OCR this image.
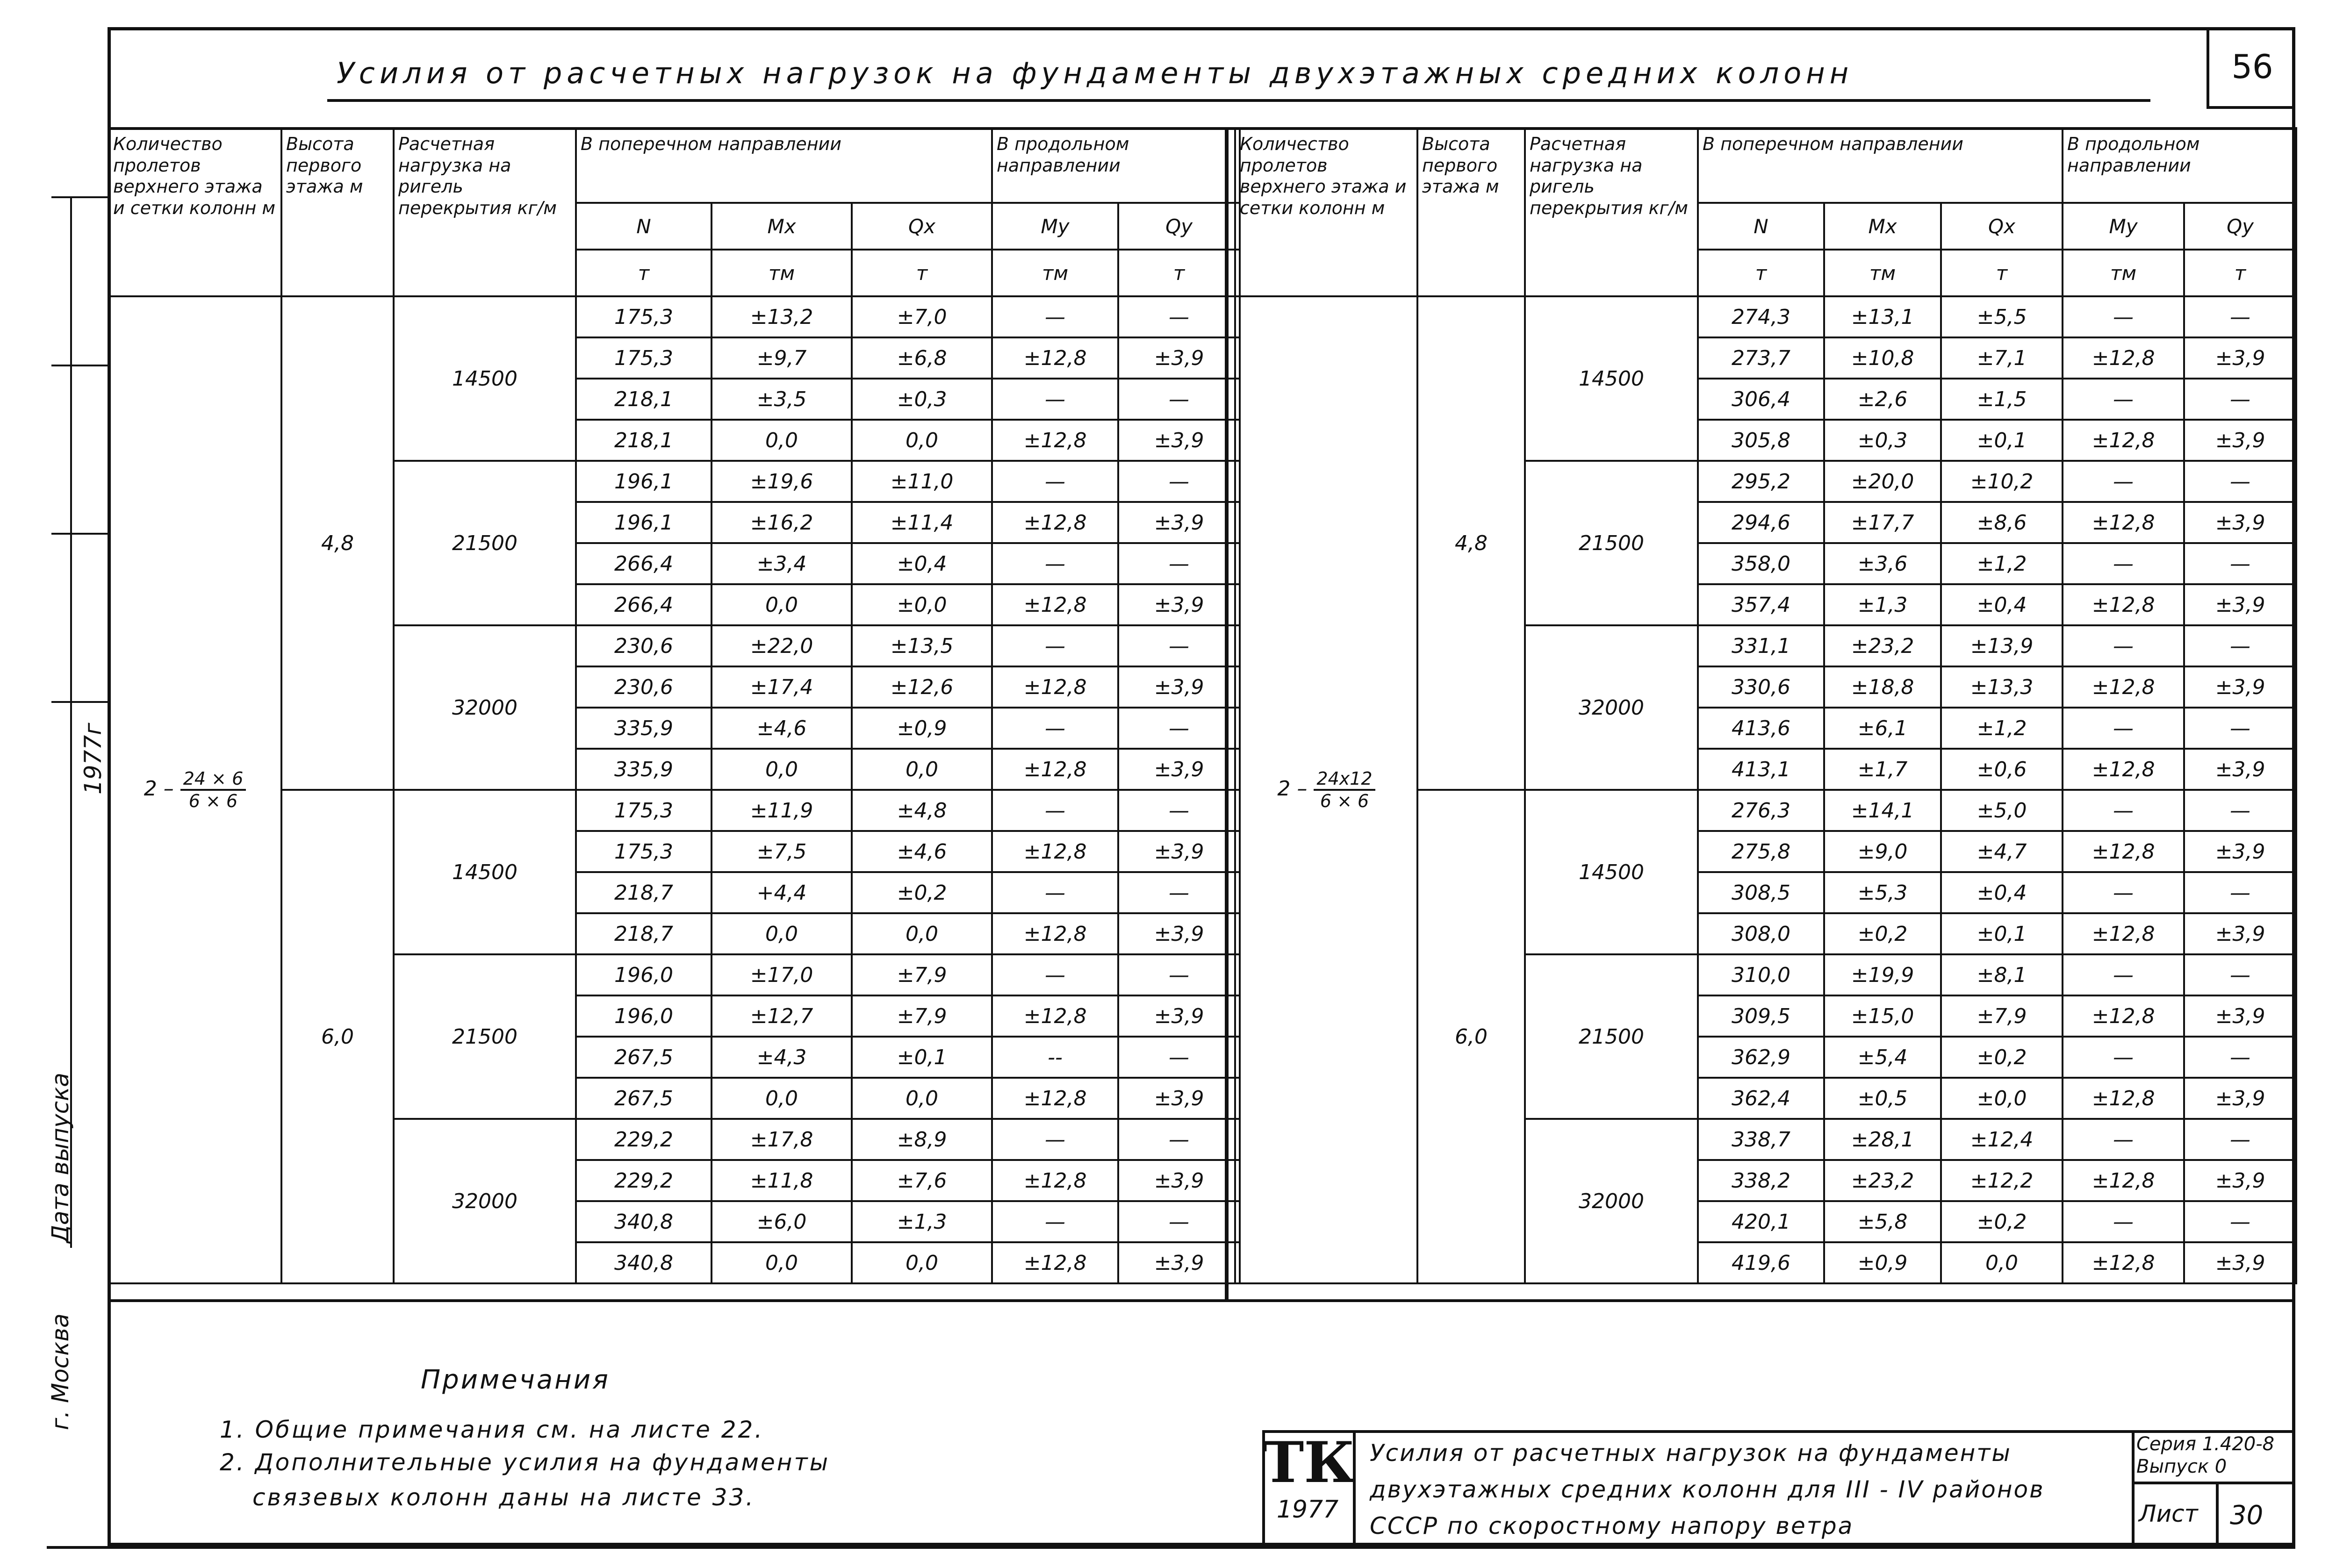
Усилия от расчетных нагрузок на фундаменты двухэтажных средних колонн	56
Количество пролетов верхнего этажа и сетки колонн м	Высота первого этажа м	Расчетная нагрузка на ригель перекрытия кг/м	В поперечном направлении			В продольном направлении	
			N	Mx	Qx	My	Qy
			т	тм	т	тм	т
$2 - \frac{24 \times 6}{6 \times 6}$	4,8	14500	175,3	±13,2	±7,0	—	—
			175,3	±9,7	±6,8	±12,8	±3,9
			218,1	±3,5	±0,3	—	—
			218,1	0,0	0,0	±12,8	±3,9
		21500	196,1	±19,6	±11,0	—	—
			196,1	±16,2	±11,4	±12,8	±3,9
			266,4	±3,4	±0,4	—	—
			266,4	0,0	±0,0	±12,8	±3,9
		32000	230,6	±22,0	±13,5	—	—
			230,6	±17,4	±12,6	±12,8	±3,9
			335,9	±4,6	±0,9	—	—
			335,9	0,0	0,0	±12,8	±3,9
	6,0	14500	175,3	±11,9	±4,8	—	—
			175,3	±7,5	±4,6	±12,8	±3,9
			218,7	+4,4	±0,2	—	—
			218,7	0,0	0,0	±12,8	±3,9
		21500	196,0	±17,0	±7,9	—	—
			196,0	±12,7	±7,9	±12,8	±3,9
			267,5	±4,3	±0,1	--	—
			267,5	0,0	0,0	±12,8	±3,9
		32000	229,2	±17,8	±8,9	—	—
			229,2	±11,8	±7,6	±12,8	±3,9
			340,8	±6,0	±1,3	—	—
			340,8	0,0	0,0	±12,8	±3,9
Количество пролетов верхнего этажа и сетки колонн м	Высота первого этажа м	Расчетная нагрузка на ригель перекрытия кг/м	В поперечном направлении			В продольном направлении	
			N	Mx	Qx	My	Qy
			т	тм	т	тм	т
$2 - \frac{24x12}{6 \times 6}$	4,8	14500	274,3	±13,1	±5,5	—	—
			273,7	±10,8	±7,1	±12,8	±3,9
			306,4	±2,6	±1,5	—	—
			305,8	±0,3	±0,1	±12,8	±3,9
		21500	295,2	±20,0	±10,2	—	—
			294,6	±17,7	±8,6	±12,8	±3,9
			358,0	±3,6	±1,2	—	—
			357,4	±1,3	±0,4	±12,8	±3,9
		32000	331,1	±23,2	±13,9	—	—
			330,6	±18,8	±13,3	±12,8	±3,9
			413,6	±6,1	±1,2	—	—
			413,1	±1,7	±0,6	±12,8	±3,9
	6,0	14500	276,3	±14,1	±5,0	—	—
			275,8	±9,0	±4,7	±12,8	±3,9
			308,5	±5,3	±0,4	—	—
			308,0	±0,2	±0,1	±12,8	±3,9
		21500	310,0	±19,9	±8,1	—	—
			309,5	±15,0	±7,9	±12,8	±3,9
			362,9	±5,4	±0,2	—	—
			362,4	±0,5	±0,0	±12,8	±3,9
		32000	338,7	±28,1	±12,4	—	—
			338,2	±23,2	±12,2	±12,8	±3,9
			420,1	±5,8	±0,2	—	—
			419,6	±0,9	0,0	±12,8	±3,9
Примечания
1. Общие примечания см. на листе 22.
2. Дополнительные усилия на фундаменты
связевых колонн даны на листе 33.
ТК
1977
Усилия от расчетных нагрузок на фундаменты
двухэтажных средних колонн для III - IV районов
СССР по скоростному напору ветра
Серия 1.420-8
Выпуск 0
Лист 30
Дата выпуска
1977г
г. Москва
